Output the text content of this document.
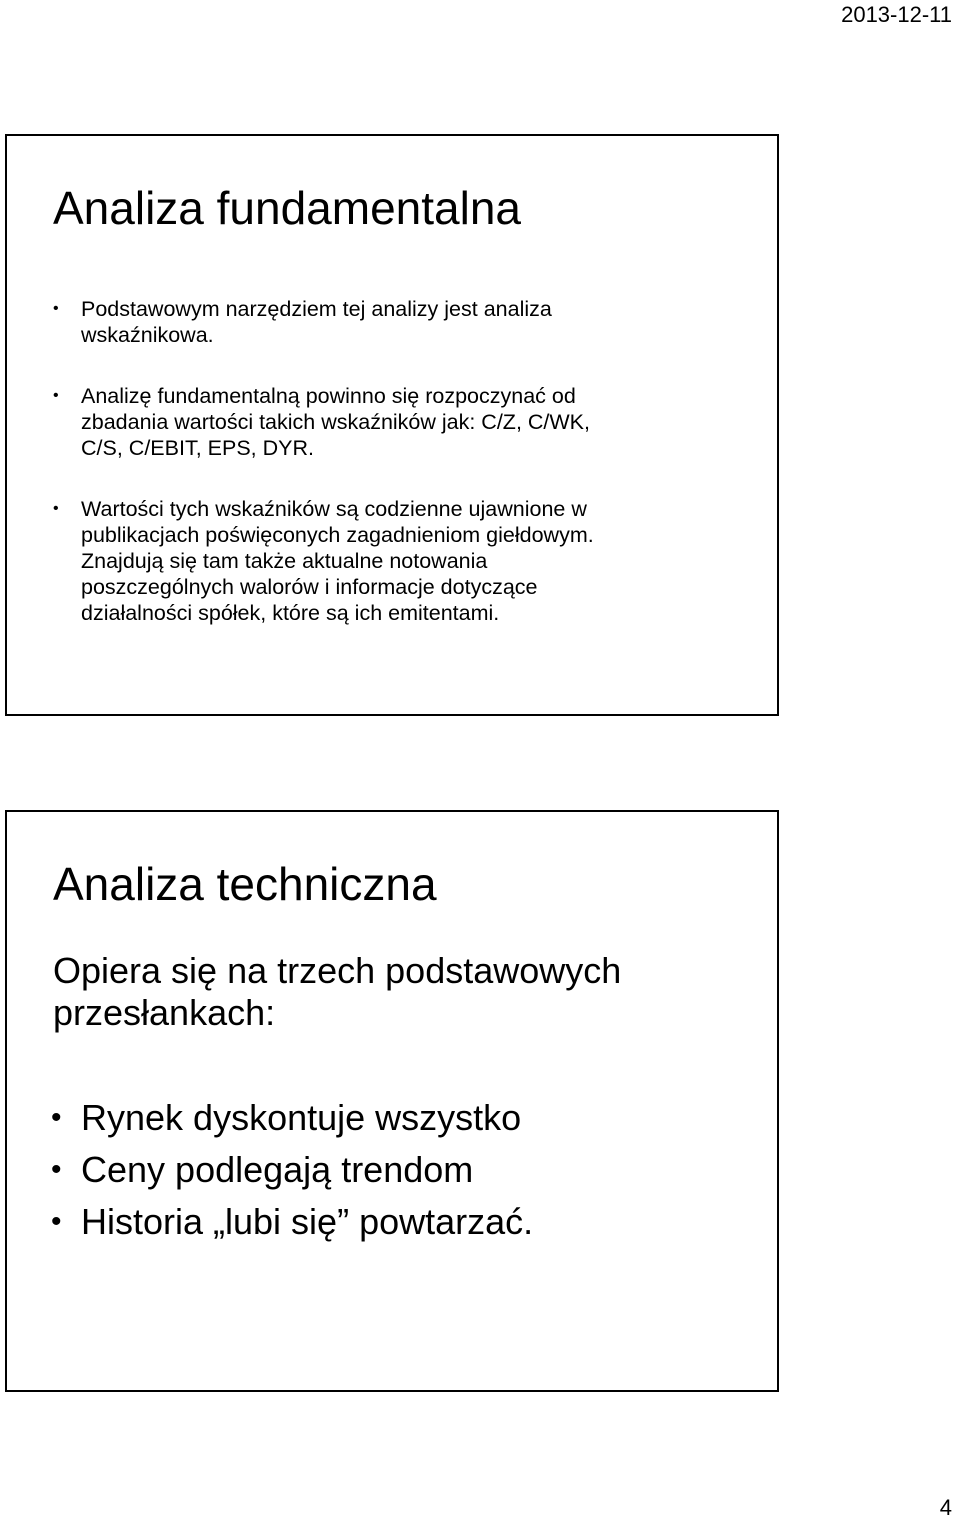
2013-12-11
Analiza fundamentalna
• Podstawowym narzędziem tej analizy jest analiza
wskaźnikowa.
• Analizę fundamentalną powinno się rozpoczynać od
zbadania wartości takich wskaźników jak: C/Z, C/WK,
C/S, C/EBIT, EPS, DYR.
• Wartości tych wskaźników są codzienne ujawnione w
publikacjach poświęconych zagadnieniom giełdowym.
Znajdują się tam także aktualne notowania
poszczególnych walorów i informacje dotyczące
działalności spółek, które są ich emitentami.
Analiza techniczna

Opiera się na trzech podstawowych
przesłankach:

• Rynek dyskontuje wszystko
• Ceny podlegają trendom
• Historia „lubi się” powtarzać.
4
